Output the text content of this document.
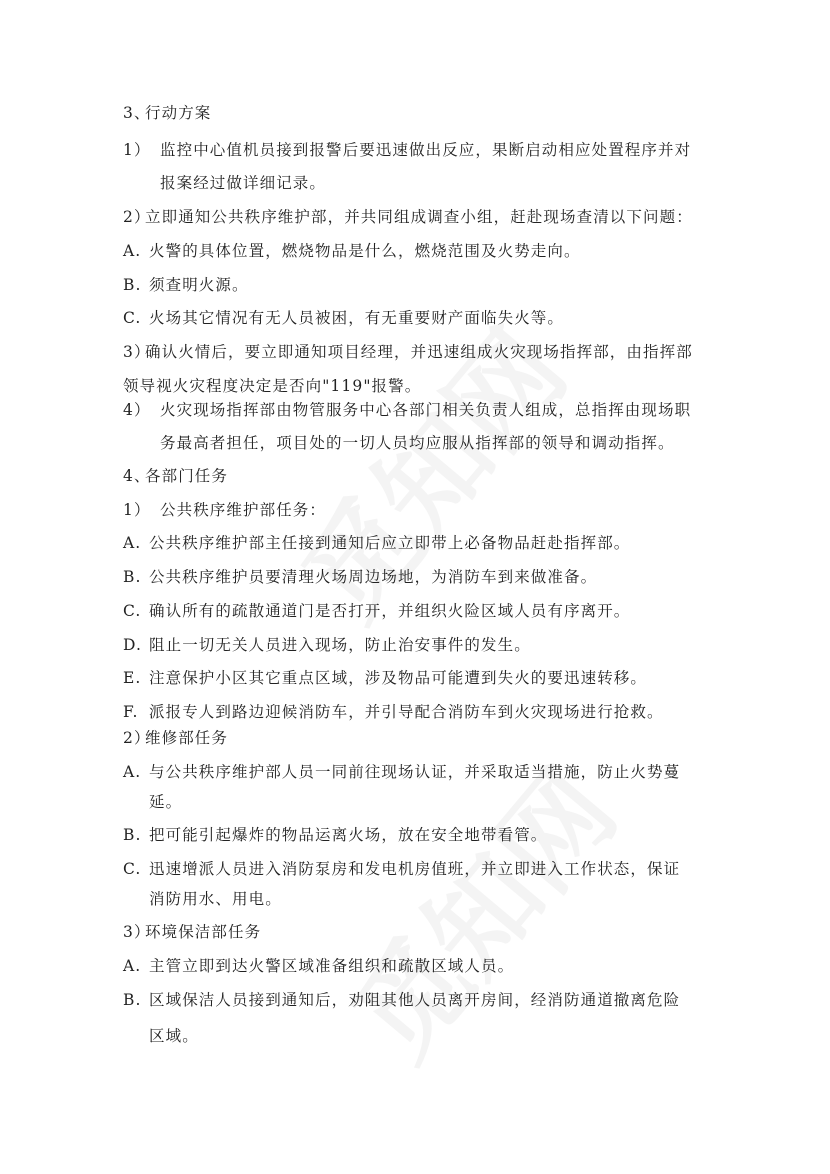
3、
行动方案
1） 监控中心值机员接到报警后要迅速做出反应，果断启动相应处置程序并对
报案经过做详细记录。
2）
立即通知公共秩序维护部，并共同组成调查小组，赶赴现场查清以下问题：
A. 火警的具体位置，燃烧物品是什么，燃烧范围及火势走向。
B. 须查明火源。
C. 火场其它情况有无人员被困，有无重要财产面临失火等。
3）
确认火情后，要立即通知项目经理，并迅速组成火灾现场指挥部，由指挥部
领导视火灾程度决定是否向"119"报警。
4） 火灾现场指挥部由物管服务中心各部门相关负责人组成，总指挥由现场职
务最高者担任，项目处的一切人员均应服从指挥部的领导和调动指挥。
4、
各部门任务
1） 公共秩序维护部任务：
A. 公共秩序维护部主任接到通知后应立即带上必备物品赶赴指挥部。
B. 公共秩序维护员要清理火场周边场地，为消防车到来做准备。
C. 确认所有的疏散通道门是否打开，并组织火险区域人员有序离开。
D. 阻止一切无关人员进入现场，防止治安事件的发生。
E. 注意保护小区其它重点区域，涉及物品可能遭到失火的要迅速转移。
F. 派报专人到路边迎候消防车，并引导配合消防车到火灾现场进行抢救。
2）
维修部任务
A. 与公共秩序维护部人员一同前往现场认证，并采取适当措施，防止火势蔓
延。
B. 把可能引起爆炸的物品运离火场，放在安全地带看管。
C. 迅速增派人员进入消防泵房和发电机房值班，并立即进入工作状态，保证
消防用水、用电。
3）
环境保洁部任务
A. 主管立即到达火警区域准备组织和疏散区域人员。
B. 区域保洁人员接到通知后，劝阻其他人员离开房间，经消防通道撤离危险
区域。
